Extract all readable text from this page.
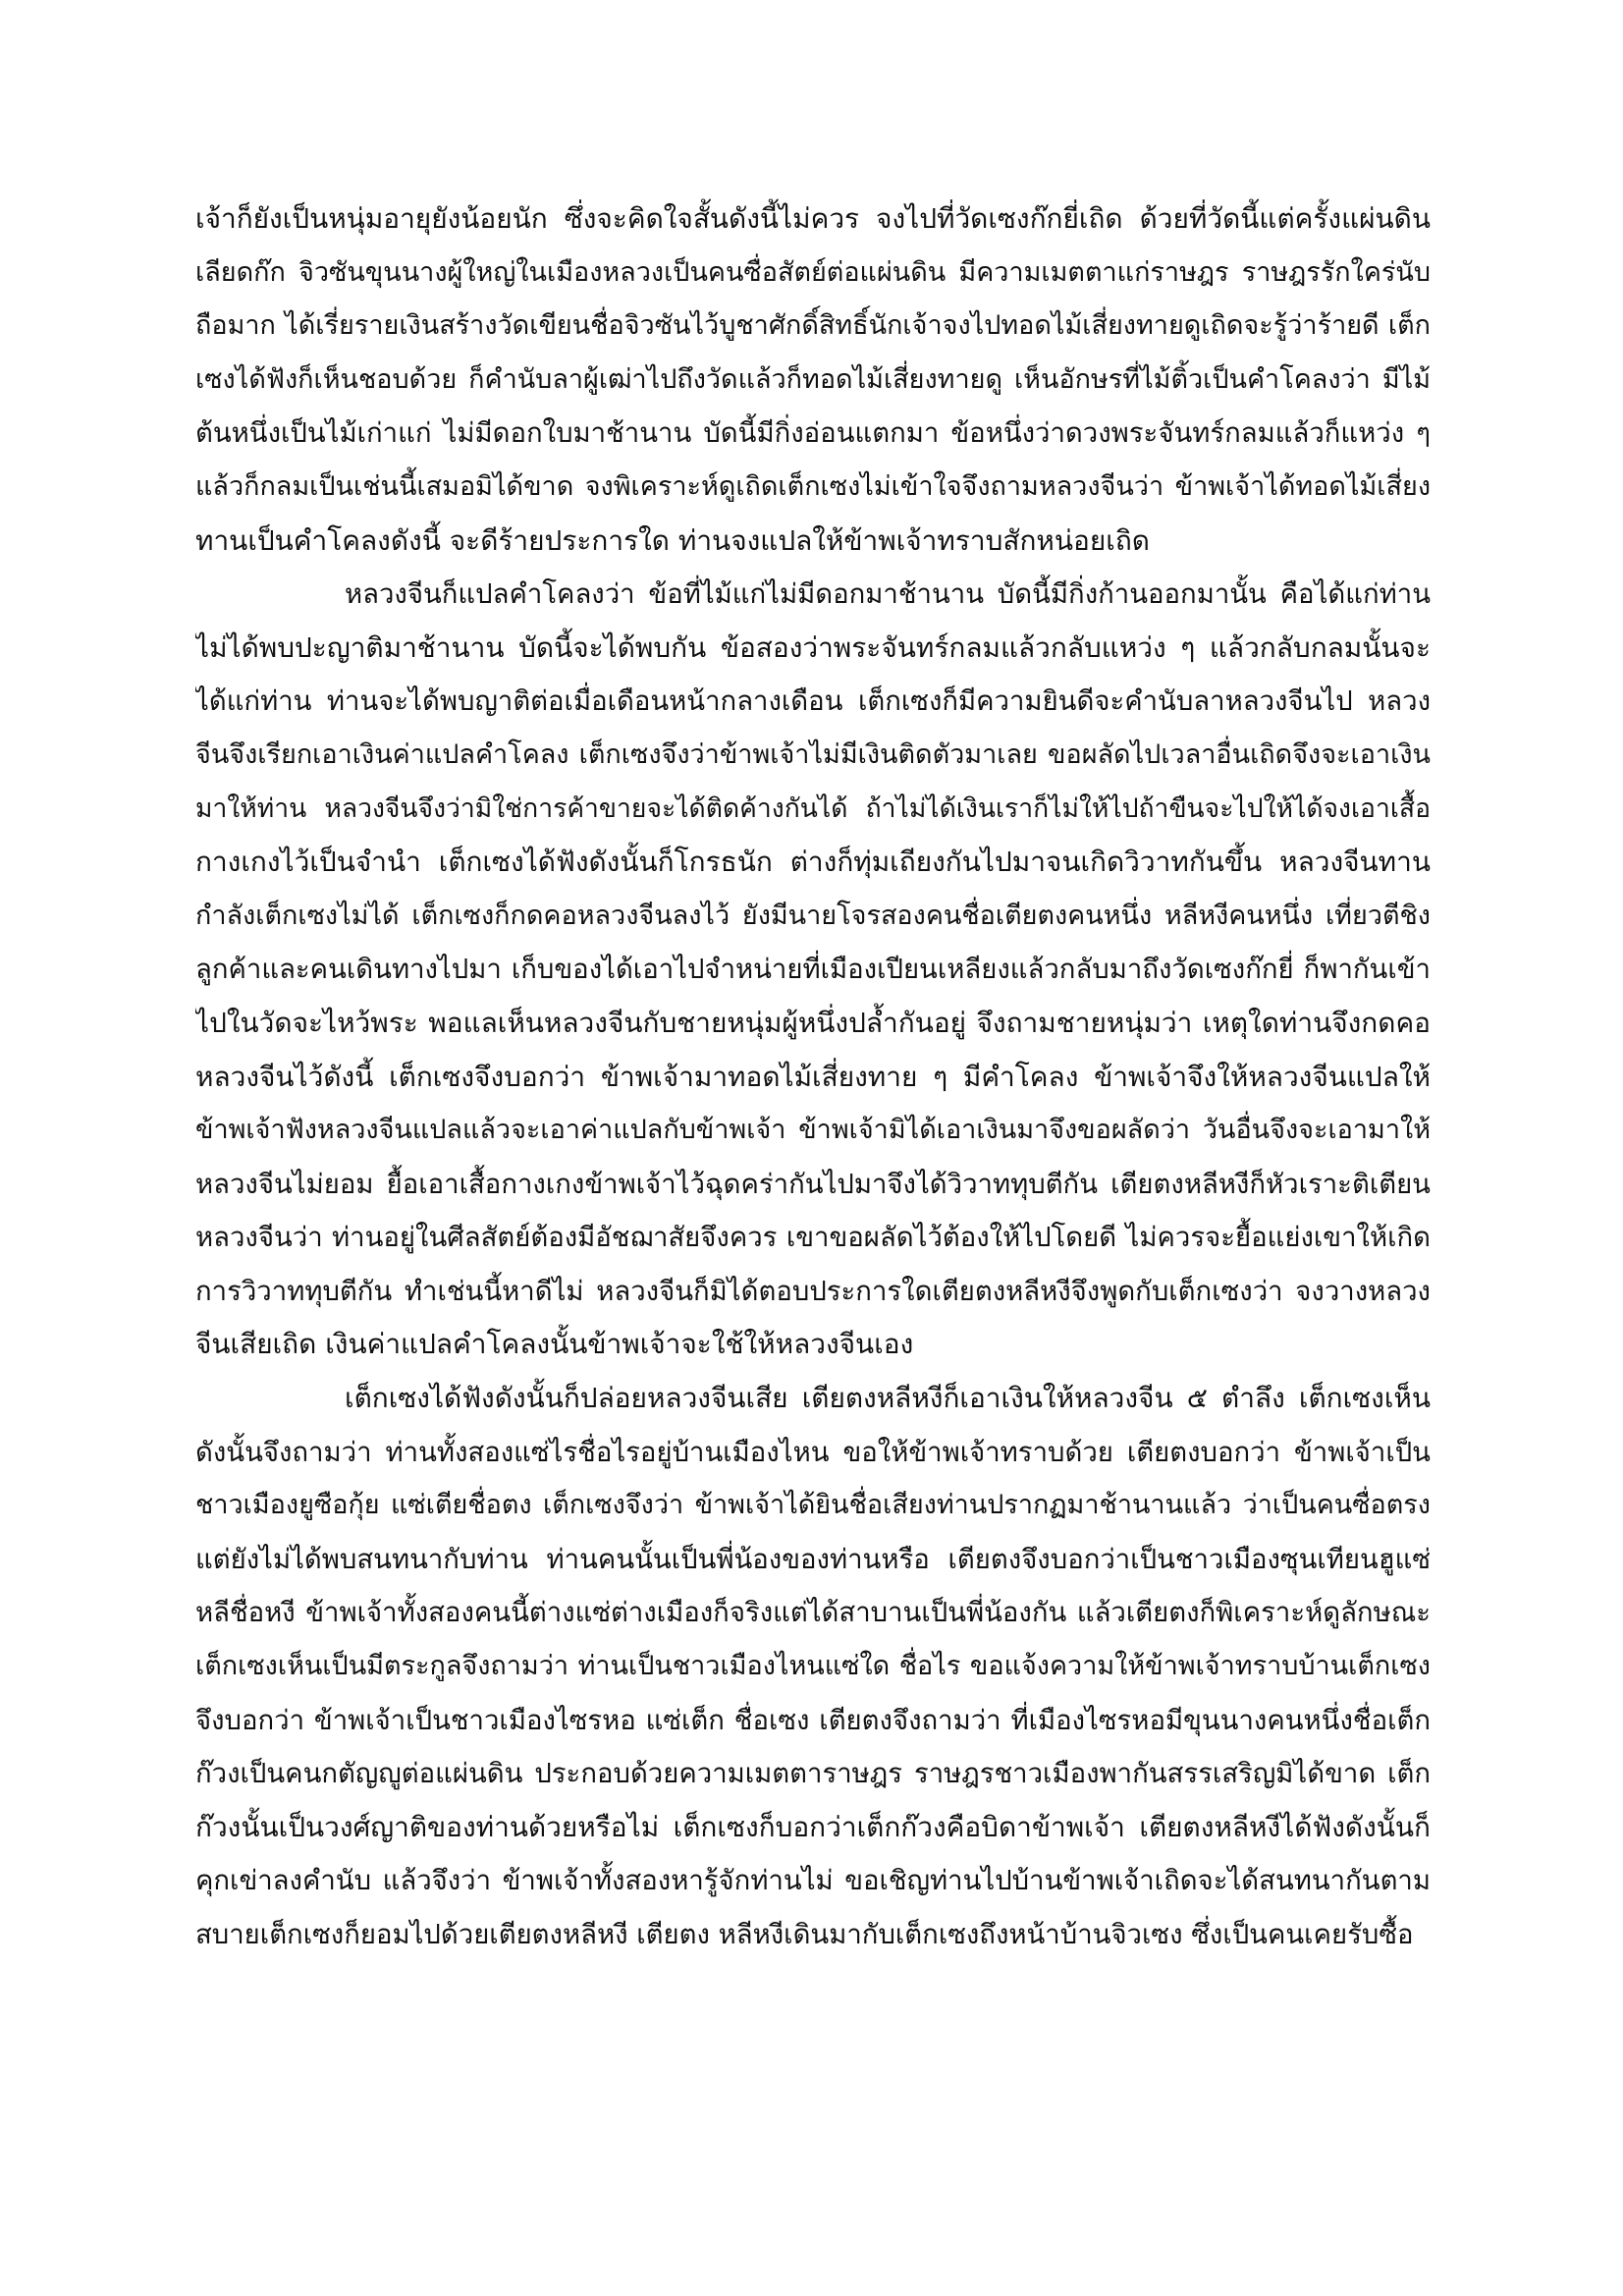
เจ้าก็ยังเป็นหนุ่มอายุยังน้อยนัก ซึ่งจะคิดใจสั้นดังนี้ไม่ควร จงไปที่วัดเซงก๊กยี่เถิด ด้วยที่วัดนี้แต่ครั้งแผ่นดิน
เลียดก๊ก จิวซันขุนนางผู้ใหญ่ในเมืองหลวงเป็นคนซื่อสัตย์ต่อแผ่นดิน มีความเมตตาแก่ราษฎร ราษฎรรักใคร่นับ
ถือมาก ได้เรี่ยรายเงินสร้างวัดเขียนชื่อจิวซันไว้บูชาศักดิ์สิทธิ์นักเจ้าจงไปทอดไม้เสี่ยงทายดูเถิดจะรู้ว่าร้ายดี เต็ก
เซงได้ฟังก็เห็นชอบด้วย ก็คำนับลาผู้เฒ่าไปถึงวัดแล้วก็ทอดไม้เสี่ยงทายดู เห็นอักษรที่ไม้ติ้วเป็นคำโคลงว่า มีไม้
ต้นหนึ่งเป็นไม้เก่าแก่ ไม่มีดอกใบมาช้านาน บัดนี้มีกิ่งอ่อนแตกมา ข้อหนึ่งว่าดวงพระจันทร์กลมแล้วก็แหว่ง ๆ
แล้วก็กลมเป็นเช่นนี้เสมอมิได้ขาด จงพิเคราะห์ดูเถิดเต็กเซงไม่เข้าใจจึงถามหลวงจีนว่า ข้าพเจ้าได้ทอดไม้เสี่ยง
ทานเป็นคำโคลงดังนี้ จะดีร้ายประการใด ท่านจงแปลให้ข้าพเจ้าทราบสักหน่อยเถิด
หลวงจีนก็แปลคำโคลงว่า ข้อที่ไม้แก่ไม่มีดอกมาช้านาน บัดนี้มีกิ่งก้านออกมานั้น คือได้แก่ท่าน
ไม่ได้พบปะญาติมาช้านาน บัดนี้จะได้พบกัน ข้อสองว่าพระจันทร์กลมแล้วกลับแหว่ง ๆ แล้วกลับกลมนั้นจะ
ได้แก่ท่าน ท่านจะได้พบญาติต่อเมื่อเดือนหน้ากลางเดือน เต็กเซงก็มีความยินดีจะคำนับลาหลวงจีนไป หลวง
จีนจึงเรียกเอาเงินค่าแปลคำโคลง เต็กเซงจึงว่าข้าพเจ้าไม่มีเงินติดตัวมาเลย ขอผลัดไปเวลาอื่นเถิดจึงจะเอาเงิน
มาให้ท่าน หลวงจีนจึงว่ามิใช่การค้าขายจะได้ติดค้างกันได้ ถ้าไม่ได้เงินเราก็ไม่ให้ไปถ้าขืนจะไปให้ได้จงเอาเสื้อ
กางเกงไว้เป็นจำนำ เต็กเซงได้ฟังดังนั้นก็โกรธนัก ต่างก็ทุ่มเถียงกันไปมาจนเกิดวิวาทกันขึ้น หลวงจีนทาน
กำลังเต็กเซงไม่ได้ เต็กเซงก็กดคอหลวงจีนลงไว้ ยังมีนายโจรสองคนชื่อเตียตงคนหนึ่ง หลีหงีคนหนึ่ง เที่ยวตีชิง
ลูกค้าและคนเดินทางไปมา เก็บของได้เอาไปจำหน่ายที่เมืองเปียนเหลียงแล้วกลับมาถึงวัดเซงก๊กยี่ ก็พากันเข้า
ไปในวัดจะไหว้พระ พอแลเห็นหลวงจีนกับชายหนุ่มผู้หนึ่งปล้ำกันอยู่ จึงถามชายหนุ่มว่า เหตุใดท่านจึงกดคอ
หลวงจีนไว้ดังนี้ เต็กเซงจึงบอกว่า ข้าพเจ้ามาทอดไม้เสี่ยงทาย ๆ มีคำโคลง ข้าพเจ้าจึงให้หลวงจีนแปลให้
ข้าพเจ้าฟังหลวงจีนแปลแล้วจะเอาค่าแปลกับข้าพเจ้า ข้าพเจ้ามิได้เอาเงินมาจึงขอผลัดว่า วันอื่นจึงจะเอามาให้
หลวงจีนไม่ยอม ยื้อเอาเสื้อกางเกงข้าพเจ้าไว้ฉุดคร่ากันไปมาจึงได้วิวาททุบตีกัน เตียตงหลีหงีก็หัวเราะติเตียน
หลวงจีนว่า ท่านอยู่ในศีลสัตย์ต้องมีอัชฌาสัยจึงควร เขาขอผลัดไว้ต้องให้ไปโดยดี ไม่ควรจะยื้อแย่งเขาให้เกิด
การวิวาททุบตีกัน ทำเช่นนี้หาดีไม่ หลวงจีนก็มิได้ตอบประการใดเตียตงหลีหงีจึงพูดกับเต็กเซงว่า จงวางหลวง
จีนเสียเถิด เงินค่าแปลคำโคลงนั้นข้าพเจ้าจะใช้ให้หลวงจีนเอง
เต็กเซงได้ฟังดังนั้นก็ปล่อยหลวงจีนเสีย เตียตงหลีหงีก็เอาเงินให้หลวงจีน ๕ ตำลึง เต็กเซงเห็น
ดังนั้นจึงถามว่า ท่านทั้งสองแซ่ไรชื่อไรอยู่บ้านเมืองไหน ขอให้ข้าพเจ้าทราบด้วย เตียตงบอกว่า ข้าพเจ้าเป็น
ชาวเมืองยูซือกุ้ย แซ่เตียชื่อตง เต็กเซงจึงว่า ข้าพเจ้าได้ยินชื่อเสียงท่านปรากฏมาช้านานแล้ว ว่าเป็นคนซื่อตรง
แต่ยังไม่ได้พบสนทนากับท่าน ท่านคนนั้นเป็นพี่น้องของท่านหรือ เตียตงจึงบอกว่าเป็นชาวเมืองซุนเทียนฮูแซ่
หลีชื่อหงี ข้าพเจ้าทั้งสองคนนี้ต่างแซ่ต่างเมืองก็จริงแต่ได้สาบานเป็นพี่น้องกัน แล้วเตียตงก็พิเคราะห์ดูลักษณะ
เต็กเซงเห็นเป็นมีตระกูลจึงถามว่า ท่านเป็นชาวเมืองไหนแซ่ใด ชื่อไร ขอแจ้งความให้ข้าพเจ้าทราบบ้านเต็กเซง
จึงบอกว่า ข้าพเจ้าเป็นชาวเมืองไซรหอ แซ่เต็ก ชื่อเซง เตียตงจึงถามว่า ที่เมืองไซรหอมีขุนนางคนหนึ่งชื่อเต็ก
ก๊วงเป็นคนกตัญญูต่อแผ่นดิน ประกอบด้วยความเมตตาราษฎร ราษฎรชาวเมืองพากันสรรเสริญมิได้ขาด เต็ก
ก๊วงนั้นเป็นวงศ์ญาติของท่านด้วยหรือไม่ เต็กเซงก็บอกว่าเต็กก๊วงคือบิดาข้าพเจ้า เตียตงหลีหงีได้ฟังดังนั้นก็
คุกเข่าลงคำนับ แล้วจึงว่า ข้าพเจ้าทั้งสองหารู้จักท่านไม่ ขอเชิญท่านไปบ้านข้าพเจ้าเถิดจะได้สนทนากันตาม
สบายเต็กเซงก็ยอมไปด้วยเตียตงหลีหงี เตียตง หลีหงีเดินมากับเต็กเซงถึงหน้าบ้านจิวเซง ซึ่งเป็นคนเคยรับซื้อ
